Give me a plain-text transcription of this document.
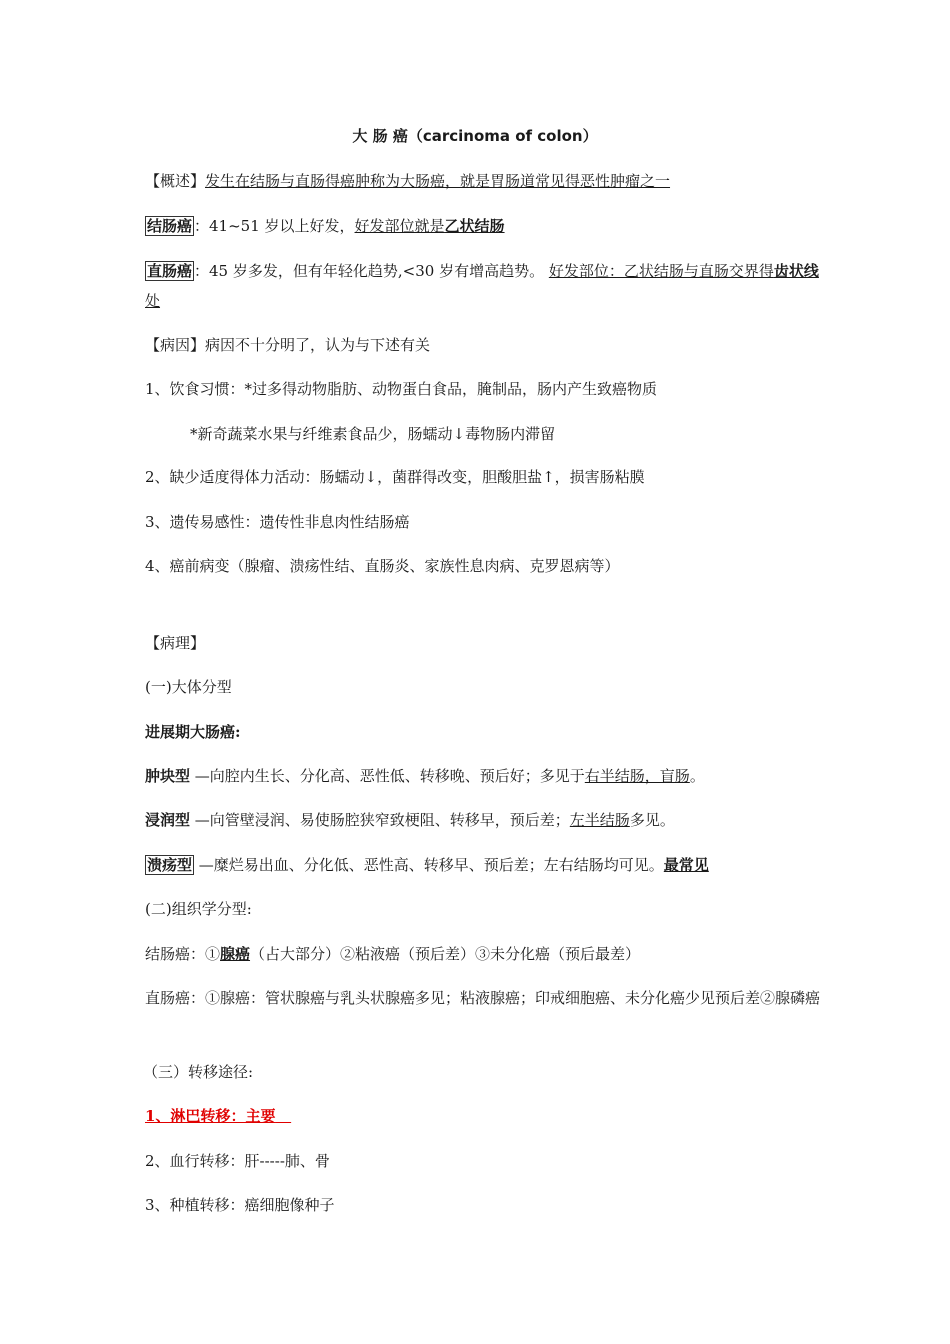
大 肠 癌（carcinoma of colon）
【概述】发生在结肠与直肠得癌肿称为大肠癌，就是胃肠道常见得恶性肿瘤之一
结肠癌 ：41~51 岁以上好发，好发部位就是乙状结肠
直肠癌 ：45 岁多发，但有年轻化趋势,<30 岁有增高趋势。 好发部位：乙状结肠与直肠交界得齿状线处
【病因】病因不十分明了，认为与下述有关
1、饮食习惯：*过多得动物脂肪、动物蛋白食品，腌制品，肠内产生致癌物质
*新奇蔬菜水果与纤维素食品少，肠蠕动↓毒物肠内滞留
2、缺少适度得体力活动：肠蠕动↓，菌群得改变，胆酸胆盐↑，损害肠粘膜
3、遗传易感性：遗传性非息肉性结肠癌
4、癌前病变（腺瘤、溃疡性结、直肠炎、家族性息肉病、克罗恩病等）
【病理】
(一)大体分型
进展期大肠癌:
肿块型 —向腔内生长、分化高、恶性低、转移晚、预后好；多见于右半结肠，盲肠。
浸润型 —向管壁浸润、易使肠腔狭窄致梗阻、转移早，预后差；左半结肠多见。
溃疡型 —糜烂易出血、分化低、恶性高、转移早、预后差；左右结肠均可见。最常见
(二)组织学分型:
结肠癌：①腺癌（占大部分）②粘液癌（预后差）③未分化癌（预后最差）
直肠癌：①腺癌：管状腺癌与乳头状腺癌多见；粘液腺癌；印戒细胞癌、未分化癌少见预后差②腺磷癌
（三）转移途径:
1、淋巴转移：主要
2、血行转移：肝-----肺、骨
3、种植转移：癌细胞像种子
